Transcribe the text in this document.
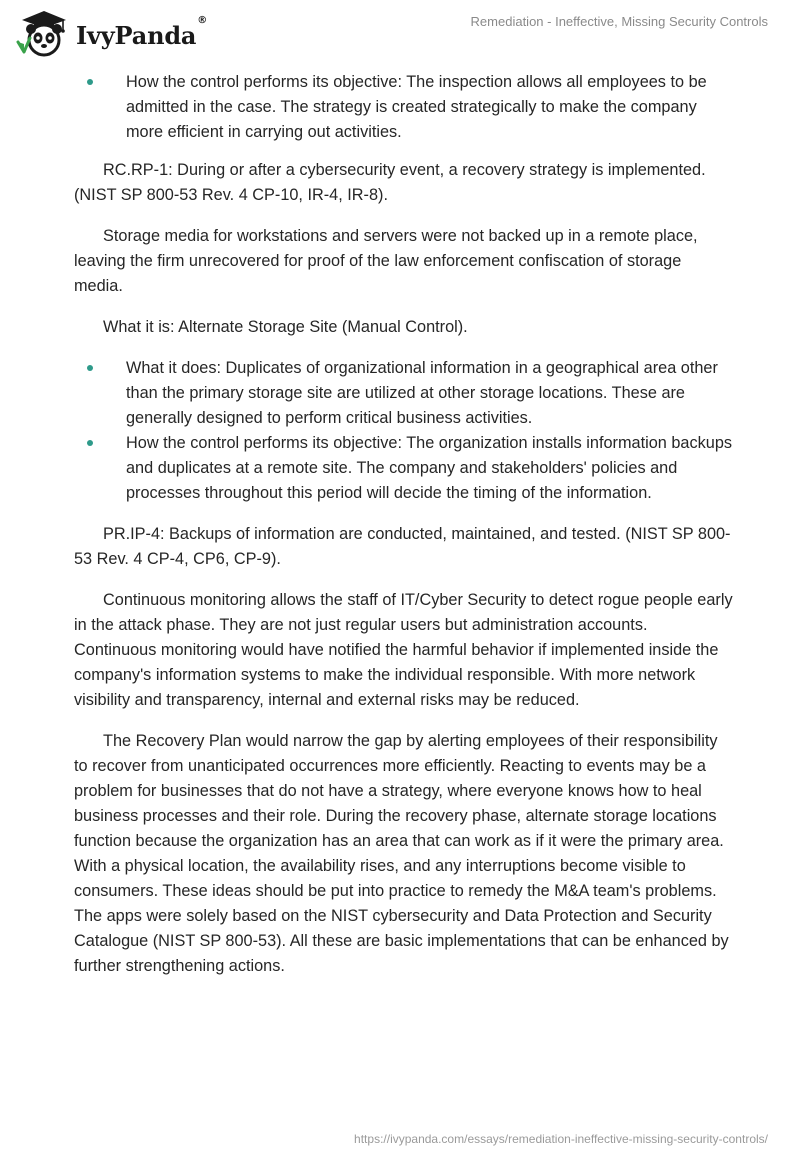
IvyPanda®	Remediation - Ineffective, Missing Security Controls
How the control performs its objective: The inspection allows all employees to be admitted in the case. The strategy is created strategically to make the company more efficient in carrying out activities.

RC.RP-1: During or after a cybersecurity event, a recovery strategy is implemented. (NIST SP 800-53 Rev. 4 CP-10, IR-4, IR-8).

Storage media for workstations and servers were not backed up in a remote place, leaving the firm unrecovered for proof of the law enforcement confiscation of storage media.

What it is: Alternate Storage Site (Manual Control).

What it does: Duplicates of organizational information in a geographical area other than the primary storage site are utilized at other storage locations. These are generally designed to perform critical business activities.
How the control performs its objective: The organization installs information backups and duplicates at a remote site. The company and stakeholders' policies and processes throughout this period will decide the timing of the information.

PR.IP-4: Backups of information are conducted, maintained, and tested. (NIST SP 800-53 Rev. 4 CP-4, CP6, CP-9).

Continuous monitoring allows the staff of IT/Cyber Security to detect rogue people early in the attack phase. They are not just regular users but administration accounts. Continuous monitoring would have notified the harmful behavior if implemented inside the company's information systems to make the individual responsible. With more network visibility and transparency, internal and external risks may be reduced.

The Recovery Plan would narrow the gap by alerting employees of their responsibility to recover from unanticipated occurrences more efficiently. Reacting to events may be a problem for businesses that do not have a strategy, where everyone knows how to heal business processes and their role. During the recovery phase, alternate storage locations function because the organization has an area that can work as if it were the primary area. With a physical location, the availability rises, and any interruptions become visible to consumers. These ideas should be put into practice to remedy the M&A team's problems. The apps were solely based on the NIST cybersecurity and Data Protection and Security Catalogue (NIST SP 800-53). All these are basic implementations that can be enhanced by further strengthening actions.

https://ivypanda.com/essays/remediation-ineffective-missing-security-controls/
